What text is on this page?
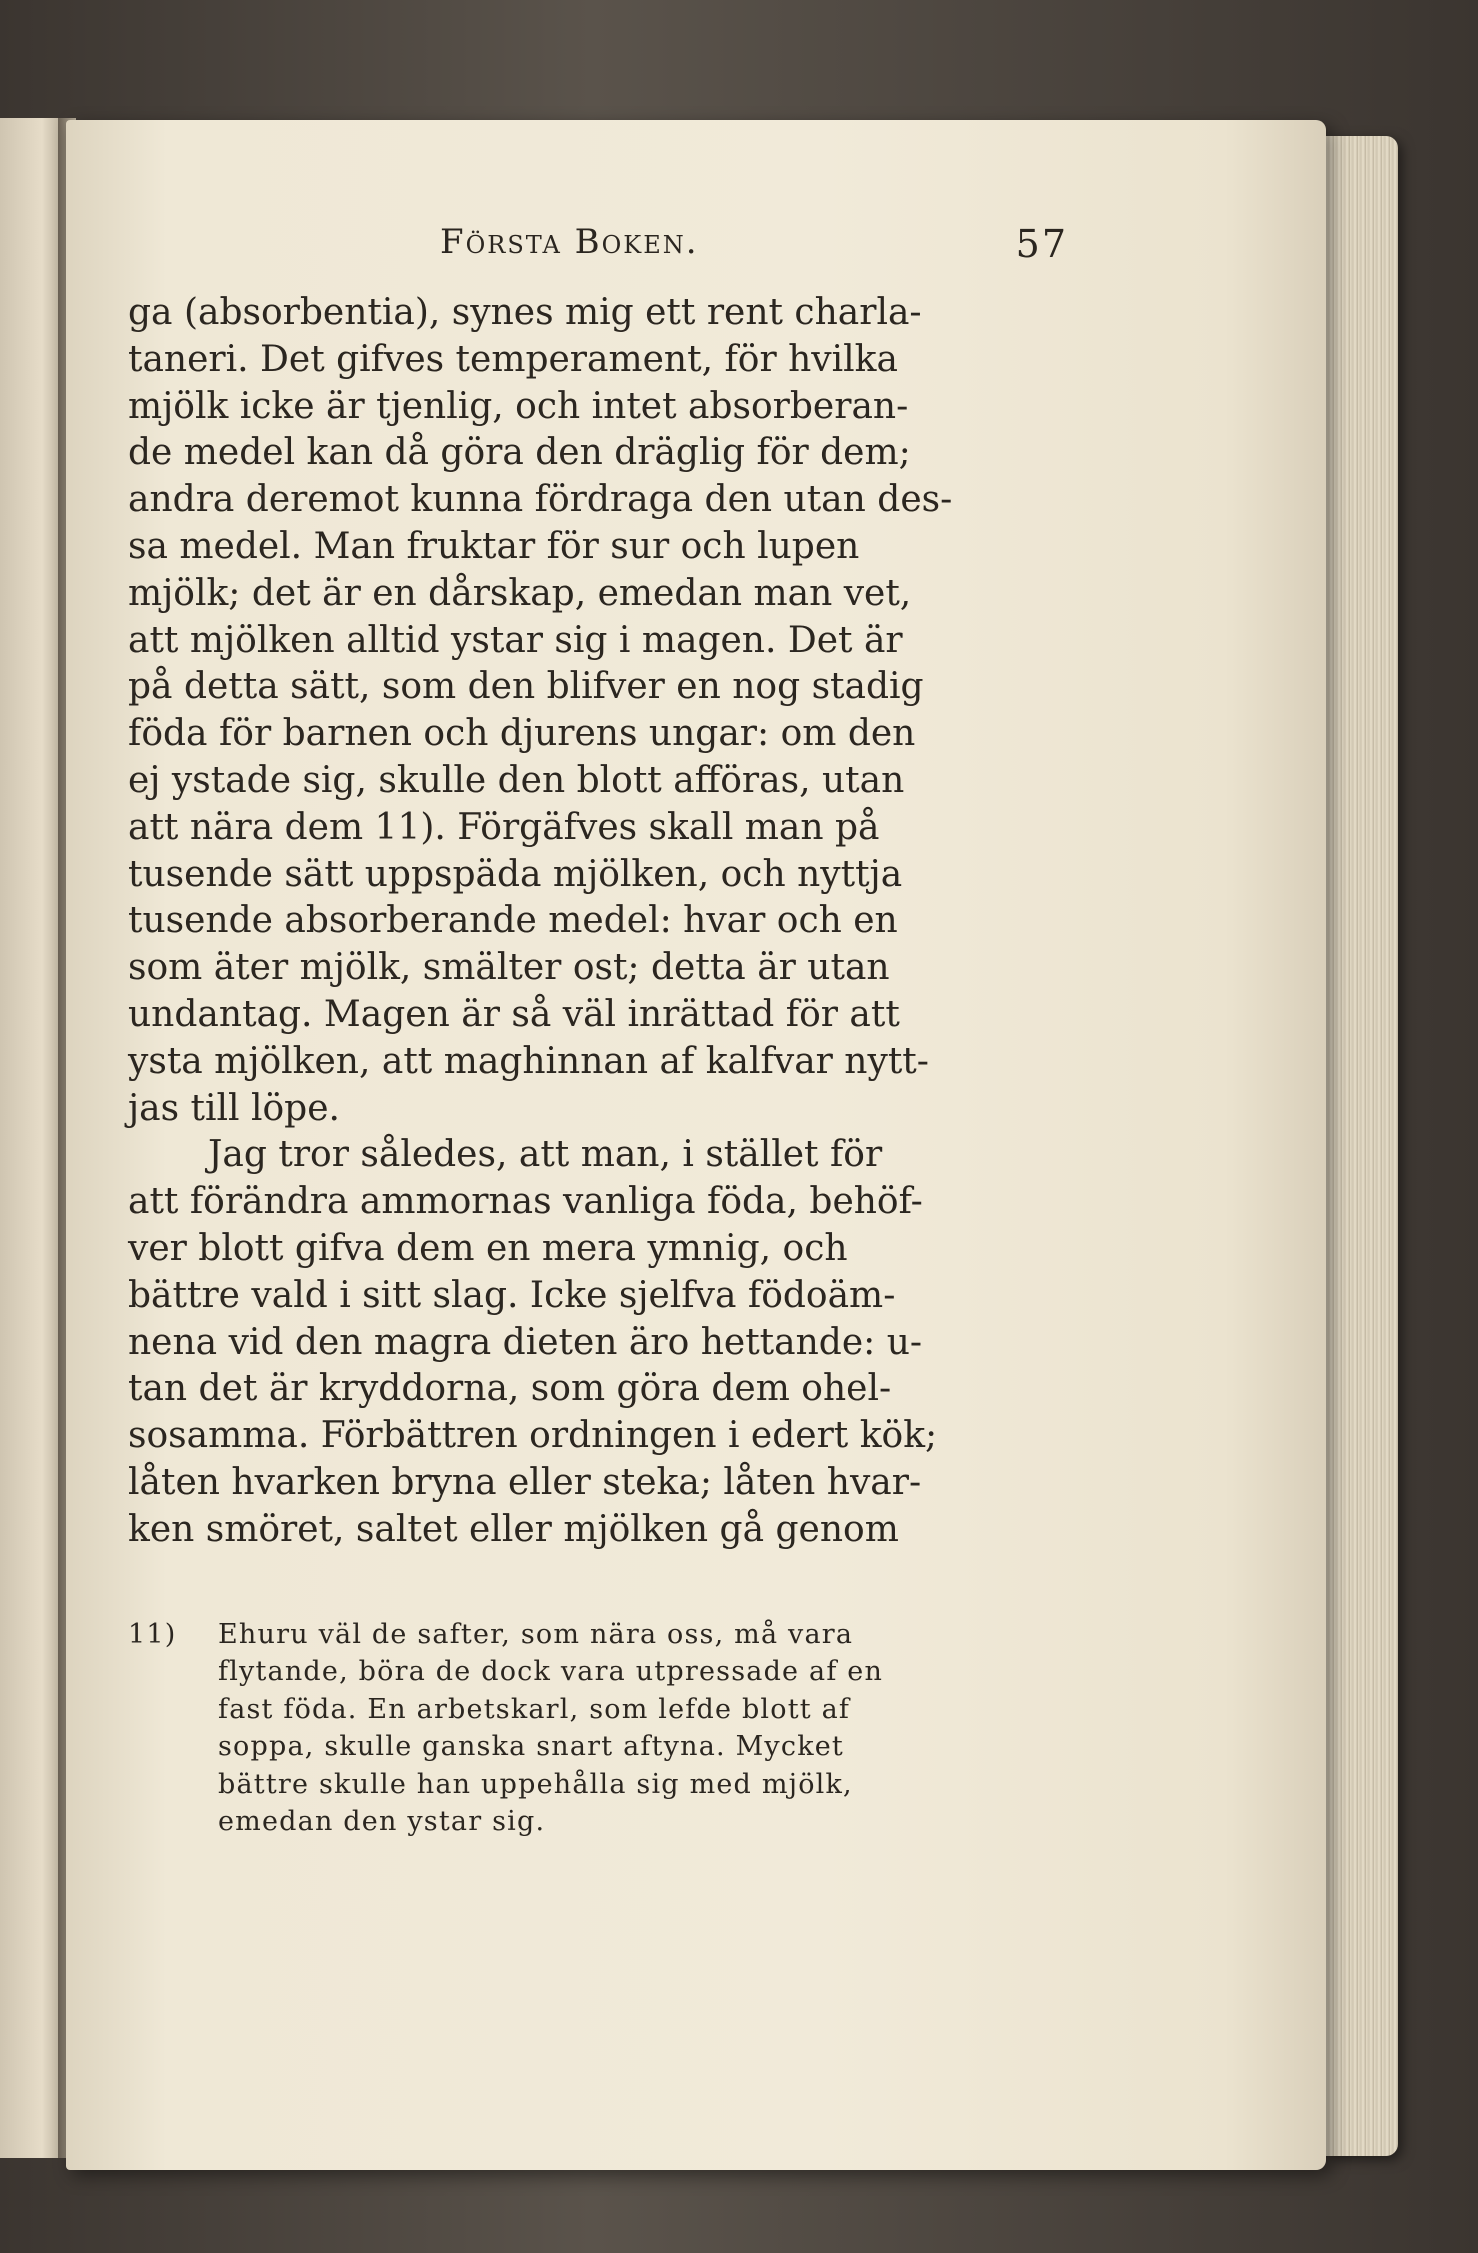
Första Boken.	57
ga (absorbentia), synes mig ett rent charla-
taneri. Det gifves temperament, för hvilka
mjölk icke är tjenlig, och intet absorberan-
de medel kan då göra den dräglig för dem;
andra deremot kunna fördraga den utan des-
sa medel. Man fruktar för sur och lupen
mjölk; det är en dårskap, emedan man vet,
att mjölken alltid ystar sig i magen. Det är
på detta sätt, som den blifver en nog stadig
föda för barnen och djurens ungar: om den
ej ystade sig, skulle den blott afföras, utan
att nära dem 11). Förgäfves skall man på
tusende sätt uppspäda mjölken, och nyttja
tusende absorberande medel: hvar och en
som äter mjölk, smälter ost; detta är utan
undantag. Magen är så väl inrättad för att
ysta mjölken, att maghinnan af kalfvar nytt-
jas till löpe.
Jag tror således, att man, i stället för
att förändra ammornas vanliga föda, behöf-
ver blott gifva dem en mera ymnig, och
bättre vald i sitt slag. Icke sjelfva födoäm-
nena vid den magra dieten äro hettande: u-
tan det är kryddorna, som göra dem ohel-
sosamma. Förbättren ordningen i edert kök;
låten hvarken bryna eller steka; låten hvar-
ken smöret, saltet eller mjölken gå genom
11) Ehuru väl de safter, som nära oss, må vara
flytande, böra de dock vara utpressade af en
fast föda. En arbetskarl, som lefde blott af
soppa, skulle ganska snart aftyna. Mycket
bättre skulle han uppehålla sig med mjölk,
emedan den ystar sig.
